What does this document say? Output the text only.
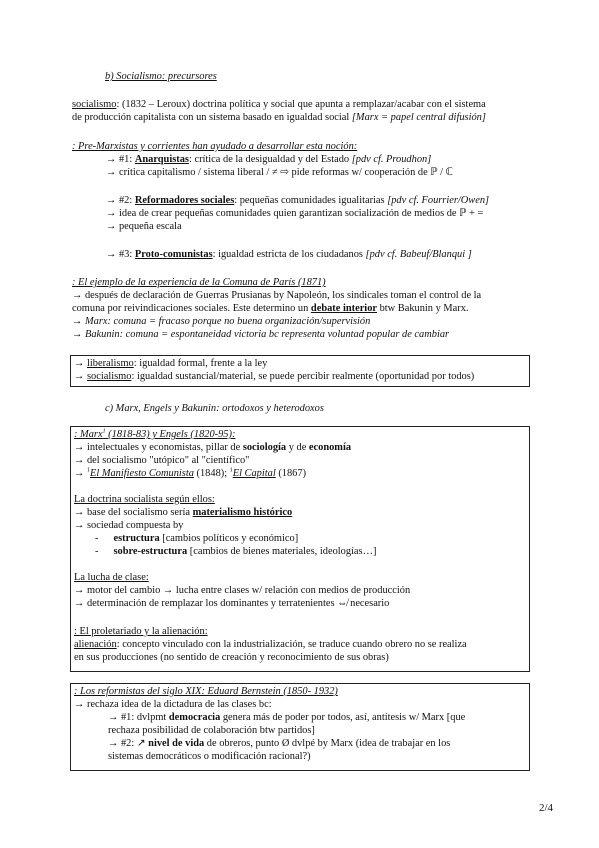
b) Socialismo: precursores
socialismo: (1832 – Leroux) doctrina política y social que apunta a remplazar/acabar con el sistema
de producción capitalista con un sistema basado en igualdad social [Marx = papel central difusión]
: Pre-Marxistas y corrientes han ayudado a desarrollar esta noción:
→ #1: Anarquistas: crítica de la desigualdad y del Estado [pdv cf. Proudhon]
→ crítica capitalismo / sistema liberal / ≠ ⇨ pide reformas w/ cooperación de ℙ / ℂ
→ #2: Reformadores sociales: pequeñas comunidades igualitarias [pdv cf. Fourrier/Owen]
→ idea de crear pequeñas comunidades quien garantizan socialización de medios de ℙ + =
→ pequeña escala
→ #3: Proto-comunistas: igualdad estricta de los ciudadanos [pdv cf. Babeuf/Blanqui ]
: El ejemplo de la experiencia de la Comuna de París (1871)
→ después de declaración de Guerras Prusianas by Napoleón, los sindicales toman el control de la
comuna por reivindicaciones sociales. Este determino un debate interior btw Bakunin y Marx.
→ Marx: comuna = fracaso porque no buena organización/supervisión
→ Bakunin: comuna = espontaneidad victoria bc representa voluntad popular de cambiar
→ liberalismo: igualdad formal, frente a la ley
→ socialismo: igualdad sustancial/material, se puede percibir realmente (oportunidad por todos)
c) Marx, Engels y Bakunin: ortodoxos y heterodoxos
: Marx$^1$ (1818-83) y Engels (1820-95):
→ intelectuales y economistas, pillar de sociología y de economía
→ del socialismo "utópico" al "científico"
→ $^1$El Manifiesto Comunista (1848); $^1$El Capital (1867)
La doctrina socialista según ellos:
→ base del socialismo sería materialismo histórico
→ sociedad compuesta by
- estructura [cambios políticos y económico]
- sobre-estructura [cambios de bienes materiales, ideologías…]
La lucha de clase:
→ motor del cambio → lucha entre clases w/ relación con medios de producción
→ determinación de remplazar los dominantes y terratenientes ⇎ necesario
: El proletariado y la alienación:
alienación: concepto vinculado con la industrialización, se traduce cuando obrero no se realiza
en sus producciones (no sentido de creación y reconocimiento de sus obras)
: Los reformistas del siglo XIX: Eduard Bernstein (1850- 1932)
→ rechaza idea de la dictadura de las clases bc:
→ #1: dvlpmt democracia genera más de poder por todos, así, antítesis w/ Marx [que
rechaza posibilidad de colaboración btw partidos]
→ #2: ↗ nivel de vida de obreros, punto Ø dvlpé by Marx (idea de trabajar en los
sistemas democráticos o modificación racional?)
2/4
